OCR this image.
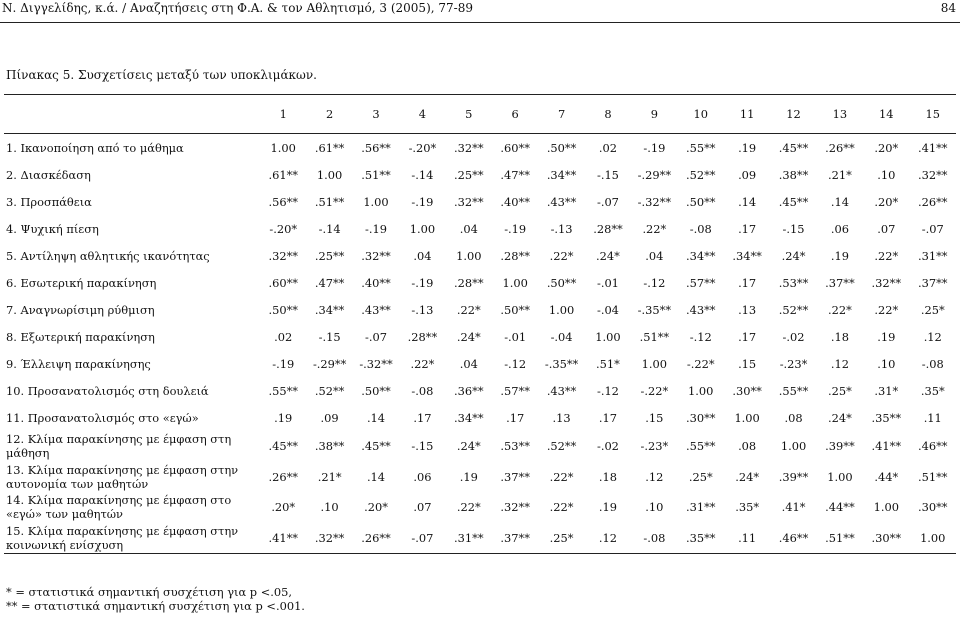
Ν. Διγγελίδης, κ.ά. / Αναζητήσεις στη Φ.Α. & τον Αθλητισμό, 3 (2005), 77-89	84
Πίνακας 5. Συσχετίσεις μεταξύ των υποκλιμάκων.
	1	2	3	4	5	6	7	8	9	10	11	12	13	14	15
1. Ικανοποίηση από το μάθημα	1.00	.61**	.56**	-.20*	.32**	.60**	.50**	.02	-.19	.55**	.19	.45**	.26**	.20*	.41**
2. Διασκέδαση	.61**	1.00	.51**	-.14	.25**	.47**	.34**	-.15	-.29**	.52**	.09	.38**	.21*	.10	.32**
3. Προσπάθεια	.56**	.51**	1.00	-.19	.32**	.40**	.43**	-.07	-.32**	.50**	.14	.45**	.14	.20*	.26**
4. Ψυχική πίεση	-.20*	-.14	-.19	1.00	.04	-.19	-.13	.28**	.22*	-.08	.17	-.15	.06	.07	-.07
5. Αντίληψη αθλητικής ικανότητας	.32**	.25**	.32**	.04	1.00	.28**	.22*	.24*	.04	.34**	.34**	.24*	.19	.22*	.31**
6. Εσωτερική παρακίνηση	.60**	.47**	.40**	-.19	.28**	1.00	.50**	-.01	-.12	.57**	.17	.53**	.37**	.32**	.37**
7. Αναγνωρίσιμη ρύθμιση	.50**	.34**	.43**	-.13	.22*	.50**	1.00	-.04	-.35**	.43**	.13	.52**	.22*	.22*	.25*
8. Εξωτερική παρακίνηση	.02	-.15	-.07	.28**	.24*	-.01	-.04	1.00	.51**	-.12	.17	-.02	.18	.19	.12
9. Έλλειψη παρακίνησης	-.19	-.29**	-.32**	.22*	.04	-.12	-.35**	.51*	1.00	-.22*	.15	-.23*	.12	.10	-.08
10. Προσανατολισμός στη δουλειά	.55**	.52**	.50**	-.08	.36**	.57**	.43**	-.12	-.22*	1.00	.30**	.55**	.25*	.31*	.35*
11. Προσανατολισμός στο «εγώ»	.19	.09	.14	.17	.34**	.17	.13	.17	.15	.30**	1.00	.08	.24*	.35**	.11
12. Κλίμα παρακίνησης με έμφαση στη μάθηση	.45**	.38**	.45**	-.15	.24*	.53**	.52**	-.02	-.23*	.55**	.08	1.00	.39**	.41**	.46**
13. Κλίμα παρακίνησης με έμφαση στην αυτονομία των μαθητών	.26**	.21*	.14	.06	.19	.37**	.22*	.18	.12	.25*	.24*	.39**	1.00	.44*	.51**
14. Κλίμα παρακίνησης με έμφαση στο «εγώ» των μαθητών	.20*	.10	.20*	.07	.22*	.32**	.22*	.19	.10	.31**	.35*	.41*	.44**	1.00	.30**
15. Κλίμα παρακίνησης με έμφαση στην κοινωνική ενίσχυση	.41**	.32**	.26**	-.07	.31**	.37**	.25*	.12	-.08	.35**	.11	.46**	.51**	.30**	1.00
* = στατιστικά σημαντική συσχέτιση για p <.05,
** = στατιστικά σημαντική συσχέτιση για p <.001.
